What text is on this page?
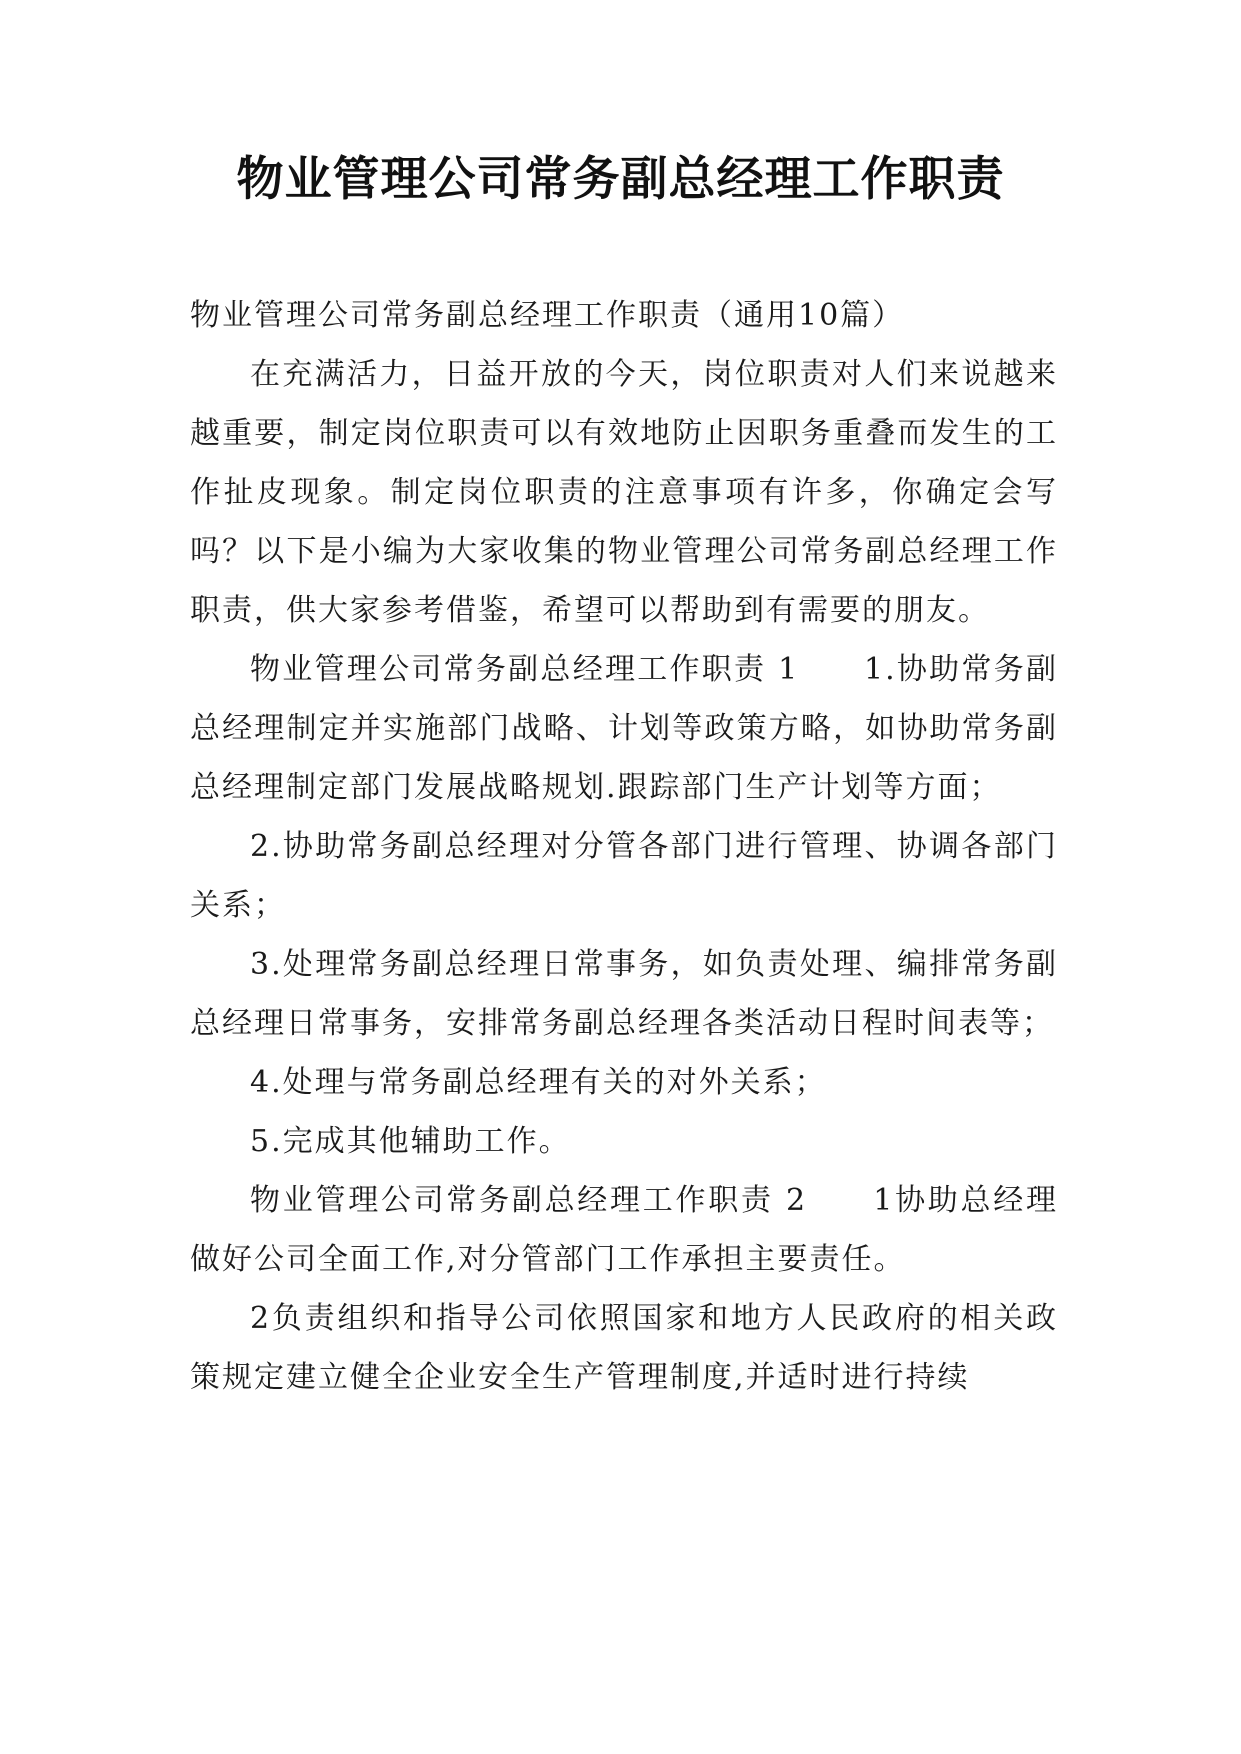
物业管理公司常务副总经理工作职责

物业管理公司常务副总经理工作职责（通用10篇）

在充满活力，日益开放的今天，岗位职责对人们来说越来越重要，制定岗位职责可以有效地防止因职务重叠而发生的工作扯皮现象。制定岗位职责的注意事项有许多，你确定会写吗？以下是小编为大家收集的物业管理公司常务副总经理工作职责，供大家参考借鉴，希望可以帮助到有需要的朋友。

物业管理公司常务副总经理工作职责 1　　1.协助常务副总经理制定并实施部门战略、计划等政策方略，如协助常务副总经理制定部门发展战略规划.跟踪部门生产计划等方面；

2.协助常务副总经理对分管各部门进行管理、协调各部门关系；

3.处理常务副总经理日常事务，如负责处理、编排常务副总经理日常事务，安排常务副总经理各类活动日程时间表等；

4.处理与常务副总经理有关的对外关系；

5.完成其他辅助工作。

物业管理公司常务副总经理工作职责 2　　1协助总经理做好公司全面工作,对分管部门工作承担主要责任。

2负责组织和指导公司依照国家和地方人民政府的相关政策规定建立健全企业安全生产管理制度,并适时进行持续
